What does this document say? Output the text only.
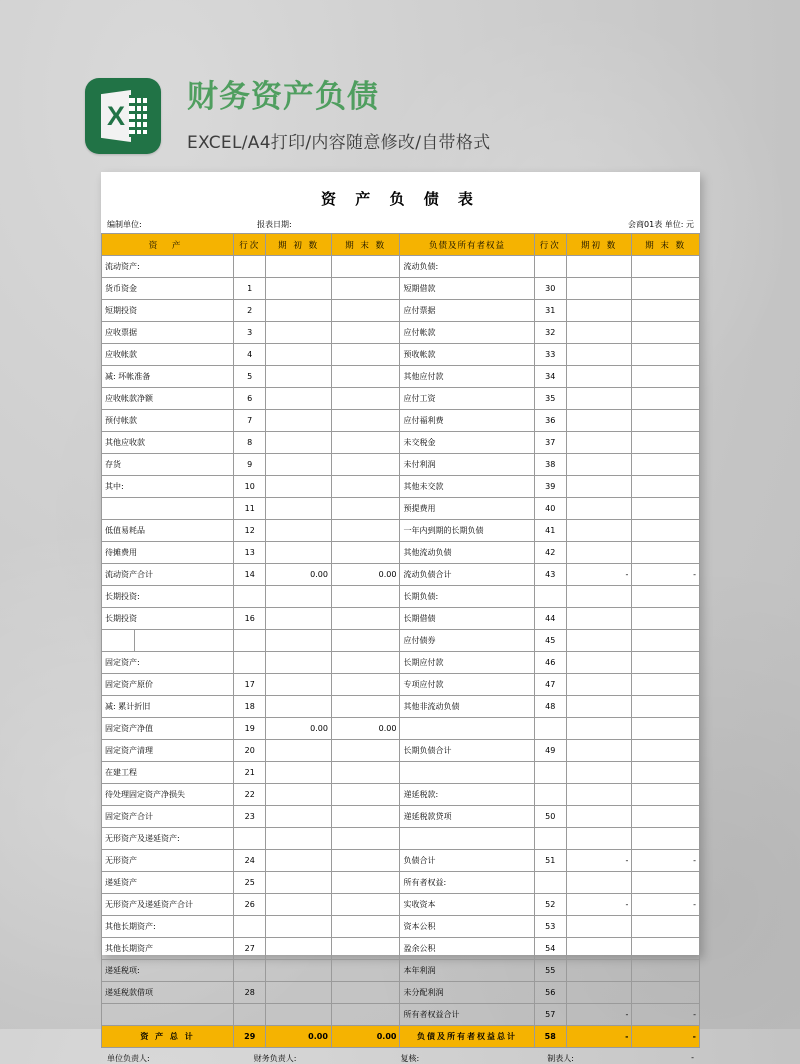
X
财务资产负债
EXCEL/A4打印/内容随意修改/自带格式
资 产 负 债 表
编制单位:	报表日期:	会商01表 单位: 元
资 产	行次	期 初 数	期 末 数	负债及所有者权益	行次	期初 数	期 末 数
流动资产:				流动负债:			
货币资金	1			短期借款	30		
短期投资	2			应付票据	31		
应收票据	3			应付帐款	32		
应收帐款	4			预收帐款	33		
减: 坏帐准备	5			其他应付款	34		
应收帐款净额	6			应付工资	35		
预付帐款	7			应付福利费	36		
其他应收款	8			未交税金	37		
存货	9			未付利润	38		
其中:	10			其他未交款	39		
	11			预提费用	40		
低值易耗品	12			一年内到期的长期负债	41		
待摊费用	13			其他流动负债	42		
流动资产合计	14	0.00	0.00	流动负债合计	43	-	-
长期投资:				长期负债:			
长期投资	16			长期借债	44		

				应付债券	45		
固定资产:				长期应付款	46		
固定资产原价	17			专项应付款	47		
减: 累计折旧	18			其他非流动负债	48		
固定资产净值	19	0.00	0.00				
固定资产清理	20			长期负债合计	49		
在建工程	21						
待处理固定资产净损失	22			递延税款:			
固定资产合计	23			递延税款贷项	50		
无形资产及递延资产:							
无形资产	24			负债合计	51	-	-
递延资产	25			所有者权益:			
无形资产及递延资产合计	26			实收资本	52	-	-
其他长期资产:				资本公积	53		
其他长期资产	27			盈余公积	54		
递延税项:				本年利润	55		
递延税款借项	28			未分配利润	56		
				所有者权益合计	57	-	-
资 产 总 计	29	0.00	0.00	负债及所有者权益总计	58	-	-
单位负责人:	财务负责人:	复核:	制表人:	-
